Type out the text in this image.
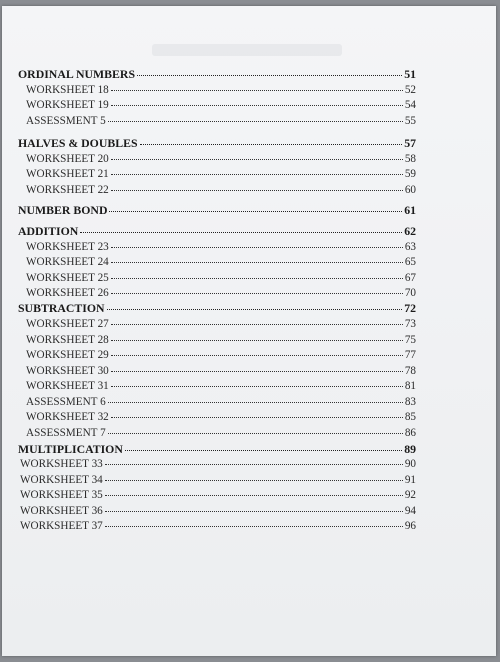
ORDINAL NUMBERS	51
WORKSHEET 18	52
WORKSHEET 19	54
ASSESSMENT 5	55
HALVES & DOUBLES	57
WORKSHEET 20	58
WORKSHEET 21	59
WORKSHEET 22	60
NUMBER BOND	61
ADDITION	62
WORKSHEET 23	63
WORKSHEET 24	65
WORKSHEET 25	67
WORKSHEET 26	70
SUBTRACTION	72
WORKSHEET 27	73
WORKSHEET 28	75
WORKSHEET 29	77
WORKSHEET 30	78
WORKSHEET 31	81
ASSESSMENT 6	83
WORKSHEET 32	85
ASSESSMENT 7	86
MULTIPLICATION	89
WORKSHEET 33	90
WORKSHEET 34	91
WORKSHEET 35	92
WORKSHEET 36	94
WORKSHEET 37	96
